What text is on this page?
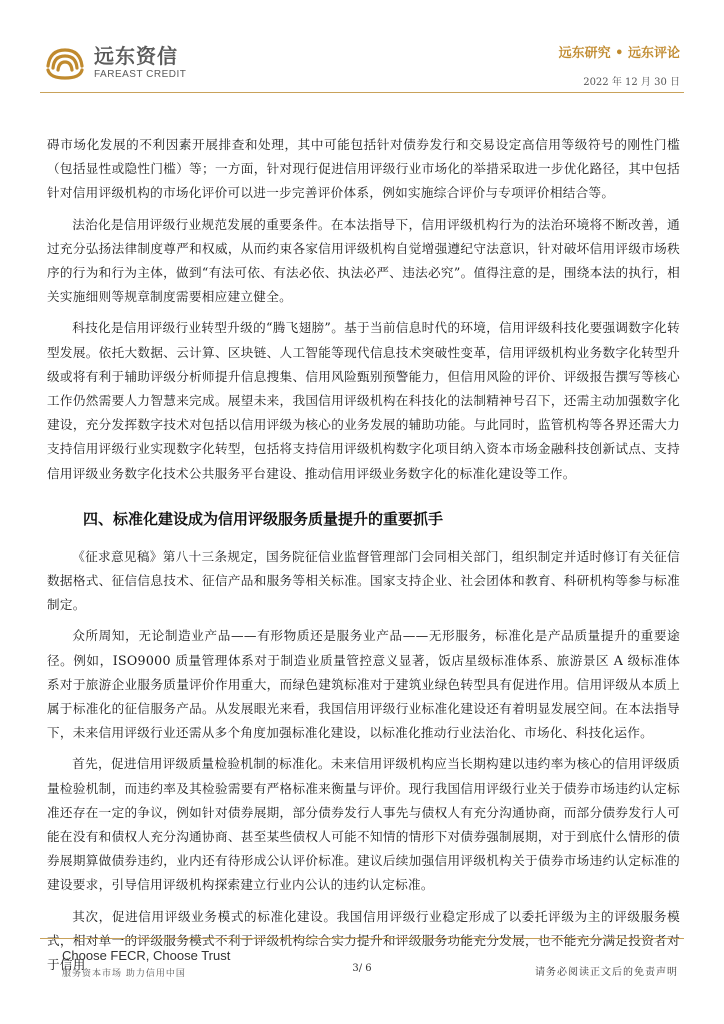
远东资信
FAREAST CREDIT
远东研究 • 远东评论
2022 年 12 月 30 日

碍市场化发展的不利因素开展排查和处理，其中可能包括针对债券发行和交易设定高信用等级符号的刚性门槛（包括显性或隐性门槛）等；一方面，针对现行促进信用评级行业市场化的举措采取进一步优化路径，其中包括针对信用评级机构的市场化评价可以进一步完善评价体系，例如实施综合评价与专项评价相结合等。

法治化是信用评级行业规范发展的重要条件。在本法指导下，信用评级机构行为的法治环境将不断改善，通过充分弘扬法律制度尊严和权威，从而约束各家信用评级机构自觉增强遵纪守法意识，针对破坏信用评级市场秩序的行为和行为主体，做到“有法可依、有法必依、执法必严、违法必究”。值得注意的是，围绕本法的执行，相关实施细则等规章制度需要相应建立健全。

科技化是信用评级行业转型升级的“腾飞翅膀”。基于当前信息时代的环境，信用评级科技化要强调数字化转型发展。依托大数据、云计算、区块链、人工智能等现代信息技术突破性变革，信用评级机构业务数字化转型升级或将有利于辅助评级分析师提升信息搜集、信用风险甄别预警能力，但信用风险的评价、评级报告撰写等核心工作仍然需要人力智慧来完成。展望未来，我国信用评级机构在科技化的法制精神号召下，还需主动加强数字化建设，充分发挥数字技术对包括以信用评级为核心的业务发展的辅助功能。与此同时，监管机构等各界还需大力支持信用评级行业实现数字化转型，包括将支持信用评级机构数字化项目纳入资本市场金融科技创新试点、支持信用评级业务数字化技术公共服务平台建设、推动信用评级业务数字化的标准化建设等工作。

四、标准化建设成为信用评级服务质量提升的重要抓手

《征求意见稿》第八十三条规定，国务院征信业监督管理部门会同相关部门，组织制定并适时修订有关征信数据格式、征信信息技术、征信产品和服务等相关标准。国家支持企业、社会团体和教育、科研机构等参与标准制定。

众所周知，无论制造业产品——有形物质还是服务业产品——无形服务，标准化是产品质量提升的重要途径。例如，ISO9000 质量管理体系对于制造业质量管控意义显著，饭店星级标准体系、旅游景区 A 级标准体系对于旅游企业服务质量评价作用重大，而绿色建筑标准对于建筑业绿色转型具有促进作用。信用评级从本质上属于标准化的征信服务产品。从发展眼光来看，我国信用评级行业标准化建设还有着明显发展空间。在本法指导下，未来信用评级行业还需从多个角度加强标准化建设，以标准化推动行业法治化、市场化、科技化运作。

首先，促进信用评级质量检验机制的标准化。未来信用评级机构应当长期构建以违约率为核心的信用评级质量检验机制，而违约率及其检验需要有严格标准来衡量与评价。现行我国信用评级行业关于债券市场违约认定标准还存在一定的争议，例如针对债券展期，部分债券发行人事先与债权人有充分沟通协商，而部分债券发行人可能在没有和债权人充分沟通协商、甚至某些债权人可能不知情的情形下对债券强制展期，对于到底什么情形的债券展期算做债券违约，业内还有待形成公认评价标准。建议后续加强信用评级机构关于债券市场违约认定标准的建设要求，引导信用评级机构探索建立行业内公认的违约认定标准。

其次，促进信用评级业务模式的标准化建设。我国信用评级行业稳定形成了以委托评级为主的评级服务模式，相对单一的评级服务模式不利于评级机构综合实力提升和评级服务功能充分发展，也不能充分满足投资者对于信用

Choose FECR, Choose Trust
服务资本市场 助力信用中国	3/ 6	请务必阅读正文后的免责声明
